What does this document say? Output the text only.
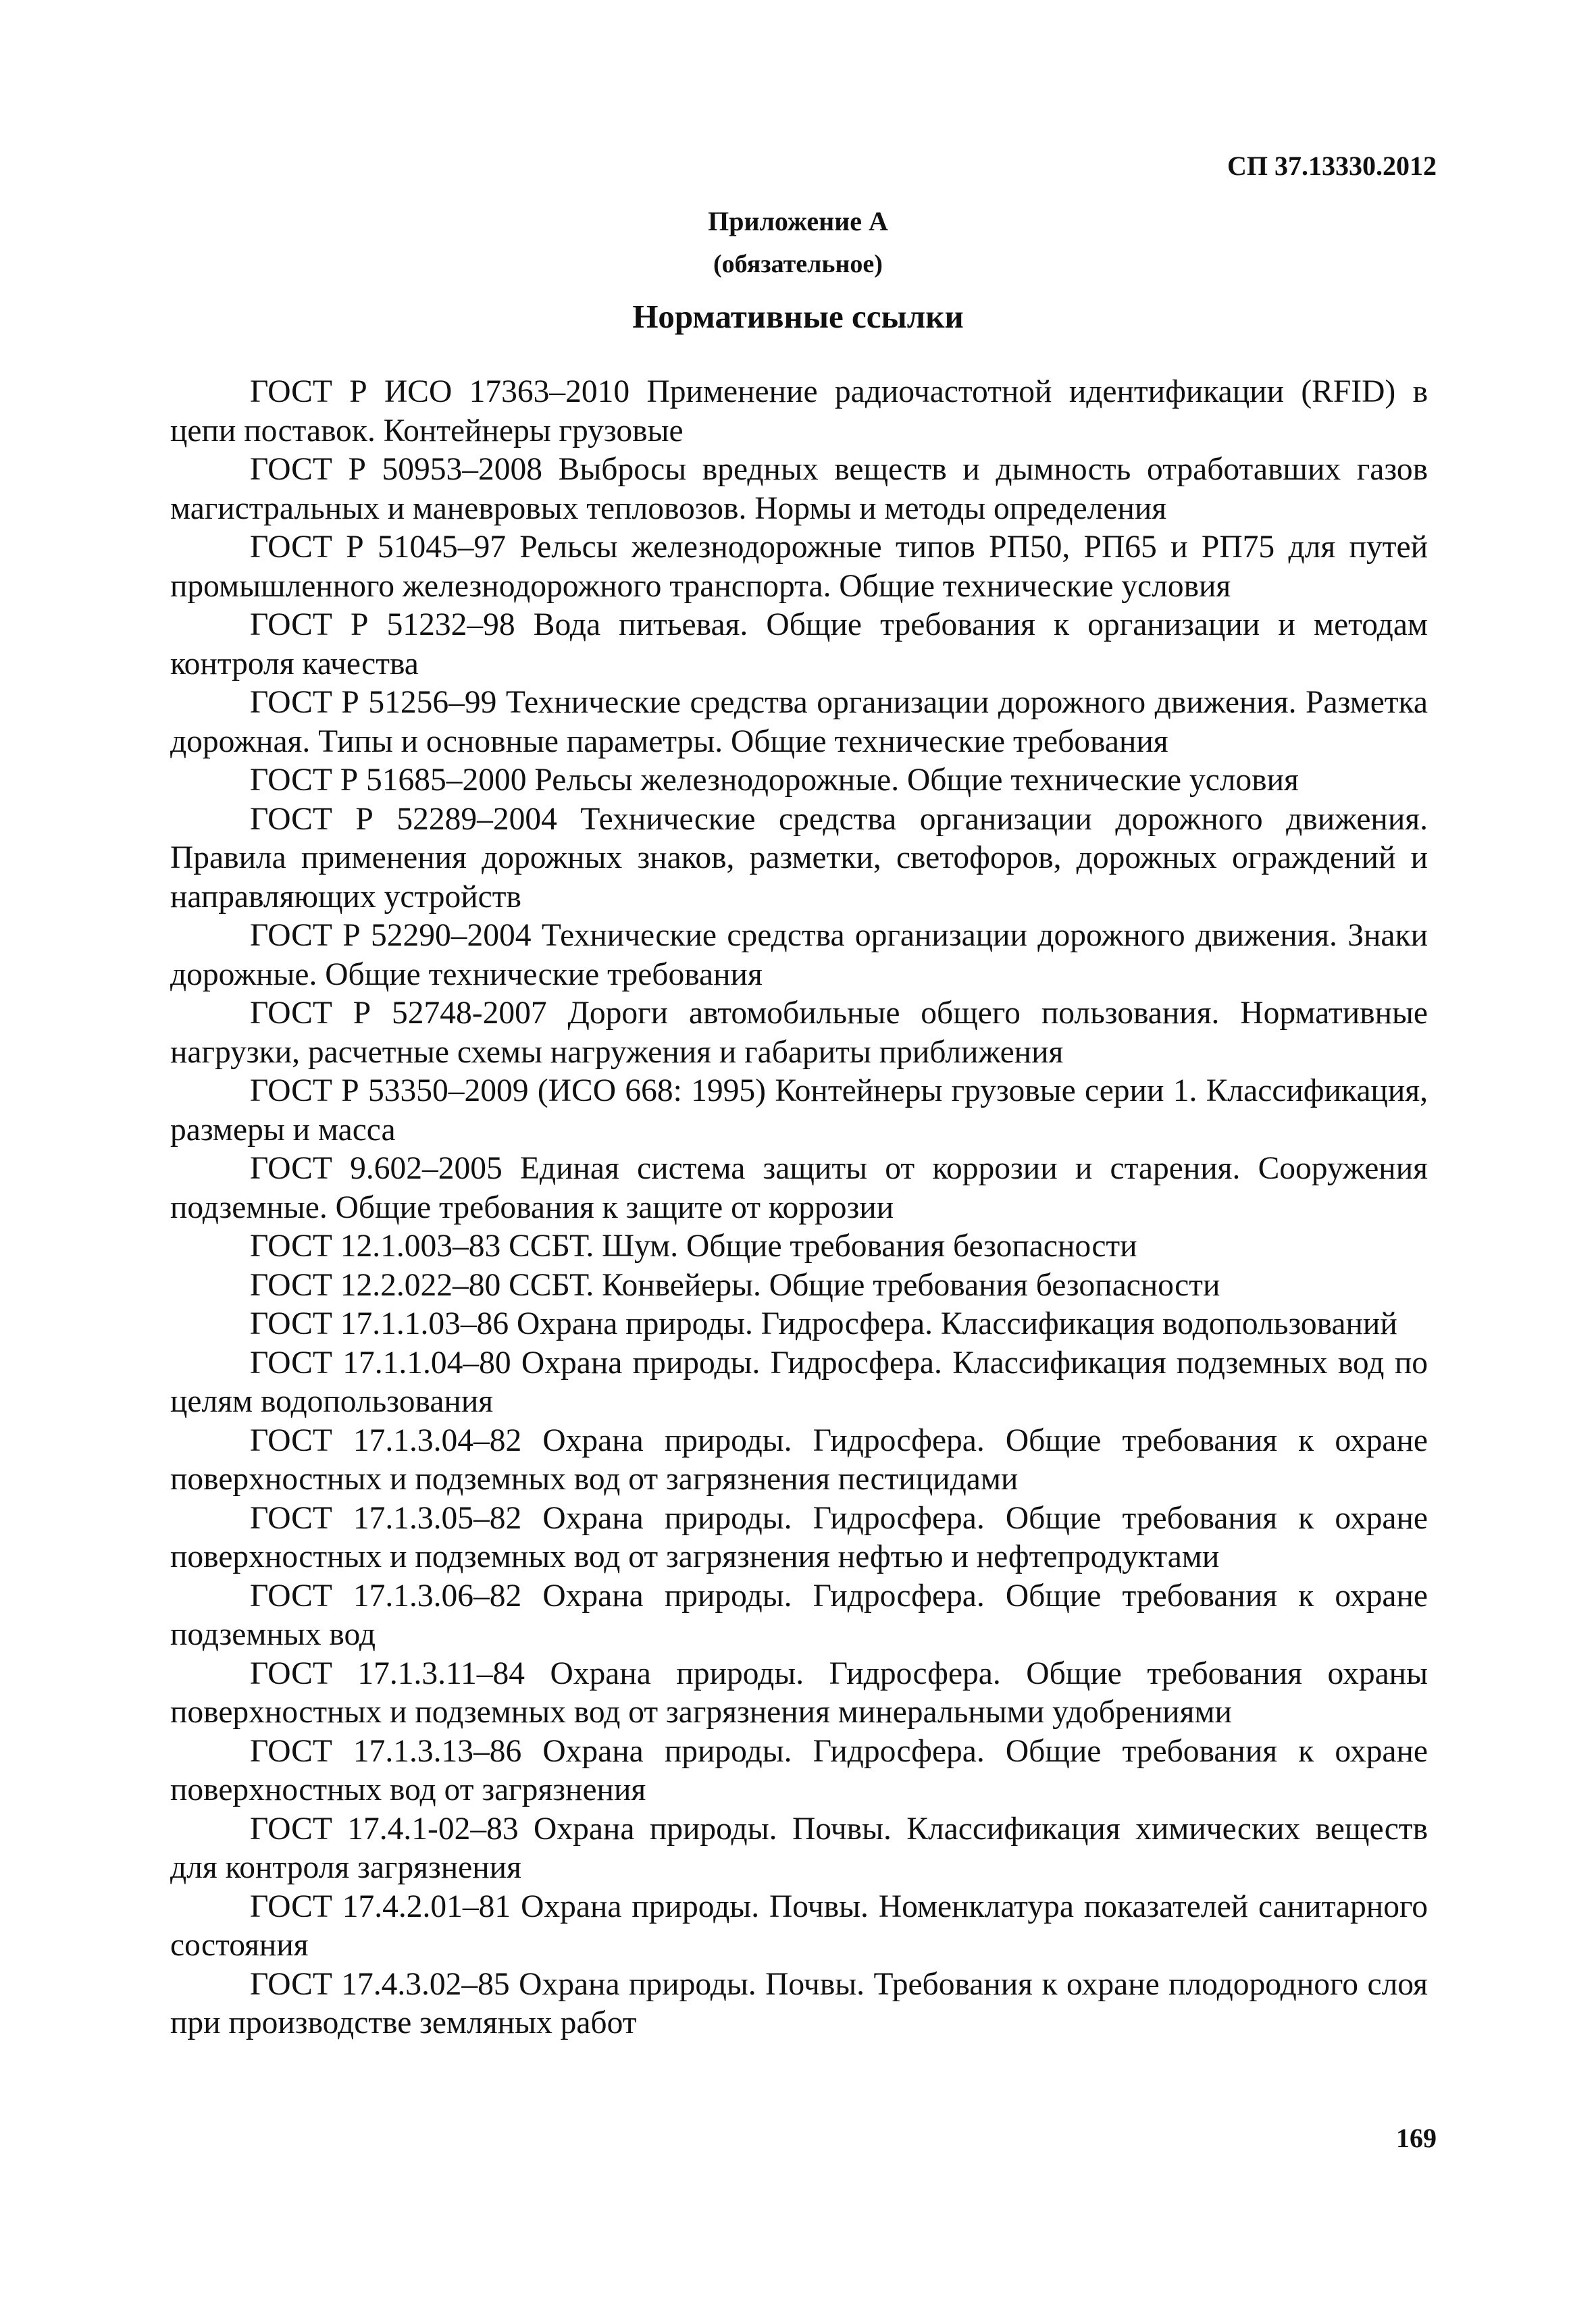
СП 37.13330.2012
Приложение А
(обязательное)
Нормативные ссылки

ГОСТ Р ИСО 17363–2010 Применение радиочастотной идентификации (RFID) в цепи поставок. Контейнеры грузовые

ГОСТ Р 50953–2008 Выбросы вредных веществ и дымность отработавших газов магистральных и маневровых тепловозов. Нормы и методы определения

ГОСТ Р 51045–97 Рельсы железнодорожные типов РП50, РП65 и РП75 для путей промышленного железнодорожного транспорта. Общие технические условия

ГОСТ Р 51232–98 Вода питьевая. Общие требования к организации и методам контроля качества

ГОСТ Р 51256–99 Технические средства организации дорожного движения. Разметка дорожная. Типы и основные параметры. Общие технические требования

ГОСТ Р 51685–2000 Рельсы железнодорожные. Общие технические условия

ГОСТ Р 52289–2004 Технические средства организации дорожного движения. Правила применения дорожных знаков, разметки, светофоров, дорожных ограждений и направляющих устройств

ГОСТ Р 52290–2004 Технические средства организации дорожного движения. Знаки дорожные. Общие технические требования

ГОСТ Р 52748-2007 Дороги автомобильные общего пользования. Нормативные нагрузки, расчетные схемы нагружения и габариты приближения

ГОСТ Р 53350–2009 (ИСО 668: 1995) Контейнеры грузовые серии 1. Классификация, размеры и масса

ГОСТ 9.602–2005 Единая система защиты от коррозии и старения. Сооружения подземные. Общие требования к защите от коррозии

ГОСТ 12.1.003–83 ССБТ. Шум. Общие требования безопасности

ГОСТ 12.2.022–80 ССБТ. Конвейеры. Общие требования безопасности

ГОСТ 17.1.1.03–86 Охрана природы. Гидросфера. Классификация водопользований

ГОСТ 17.1.1.04–80 Охрана природы. Гидросфера. Классификация подземных вод по целям водопользования

ГОСТ 17.1.3.04–82 Охрана природы. Гидросфера. Общие требования к охране поверхностных и подземных вод от загрязнения пестицидами

ГОСТ 17.1.3.05–82 Охрана природы. Гидросфера. Общие требования к охране поверхностных и подземных вод от загрязнения нефтью и нефтепродуктами

ГОСТ 17.1.3.06–82 Охрана природы. Гидросфера. Общие требования к охране подземных вод

ГОСТ 17.1.3.11–84 Охрана природы. Гидросфера. Общие требования охраны поверхностных и подземных вод от загрязнения минеральными удобрениями

ГОСТ 17.1.3.13–86 Охрана природы. Гидросфера. Общие требования к охране поверхностных вод от загрязнения

ГОСТ 17.4.1-02–83 Охрана природы. Почвы. Классификация химических веществ для контроля загрязнения

ГОСТ 17.4.2.01–81 Охрана природы. Почвы. Номенклатура показателей санитарного состояния

ГОСТ 17.4.3.02–85 Охрана природы. Почвы. Требования к охране плодородного слоя при производстве земляных работ

169
